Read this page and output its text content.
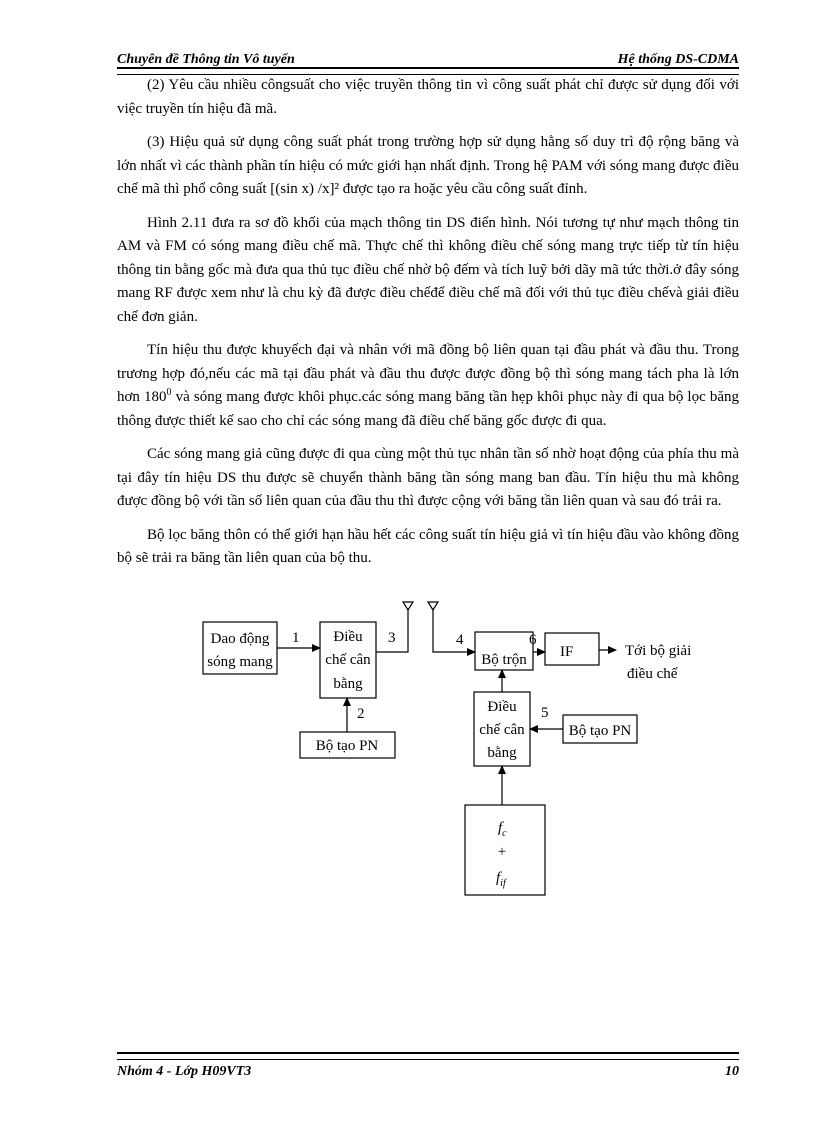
Chuyên đề Thông tin Vô tuyến	Hệ thống DS-CDMA

(2) Yêu cầu nhiều côngsuất cho việc truyền thông tin vì công suất phát chỉ được sử dụng đối với việc truyền tín hiệu đã mã.

(3) Hiệu quả sử dụng công suất phát trong trường hợp sử dụng hằng số duy trì độ rộng băng và lớn nhất vì các thành phần tín hiệu có mức giới hạn nhất định. Trong hệ PAM với sóng mang được điều chế mã thì phổ công suất [(sin x) /x]² được tạo ra hoặc yêu cầu công suất đỉnh.

Hình 2.11 đưa ra sơ đồ khối của mạch thông tin DS điển hình. Nói tương tự như mạch thông tin AM và FM có sóng mang điều chế mã. Thực chế thì không điều chế sóng mang trực tiếp từ tín hiệu thông tin bằng gốc mà đưa qua thủ tục điều chế nhờ bộ đếm và tích luỹ bởi dãy mã tức thời.ở đây sóng mang RF được xem như là chu kỳ đã được điều chếđể điều chế mã đối với thủ tục điều chếvà giải điều chế đơn giản.

Tín hiệu thu được khuyếch đại và nhân với mã đồng bộ liên quan tại đầu phát và đầu thu. Trong trương hợp đó,nếu các mã tại đầu phát và đầu thu được được đồng bộ thì sóng mang tách pha là lớn hơn $180^0$ và sóng mang được khôi phục.các sóng mang băng tần hẹp khôi phục này đi qua bộ lọc băng thông được thiết kế sao cho chỉ các sóng mang đã điều chế băng gốc được đi qua.

Các sóng mang giả cũng được đi qua cùng một thủ tục nhân tần số nhờ hoạt động của phía thu mà tại đây tín hiệu DS thu được sẽ chuyển thành băng tần sóng mang ban đầu. Tín hiệu thu mà không được đồng bộ với tần số liên quan của đầu thu thì được cộng với băng tần liên quan và sau đó trải ra.

Bộ lọc băng thôn có thể giới hạn hầu hết các công suất tín hiệu giả vì tín hiệu đầu vào không đồng bộ sẽ trải ra băng tần liên quan của bộ thu.

Dao động
sóng mang
Điều
chế cân
bằng
Bộ tạo PN
Bộ trộn IF	Tới bộ giải
điều chế
Điều
chế cân
bằng
Bộ tạo PN
$f_c$
+
$f_{if}$
1
2
3	4
5
6
Nhóm 4 - Lớp H09VT3	10
